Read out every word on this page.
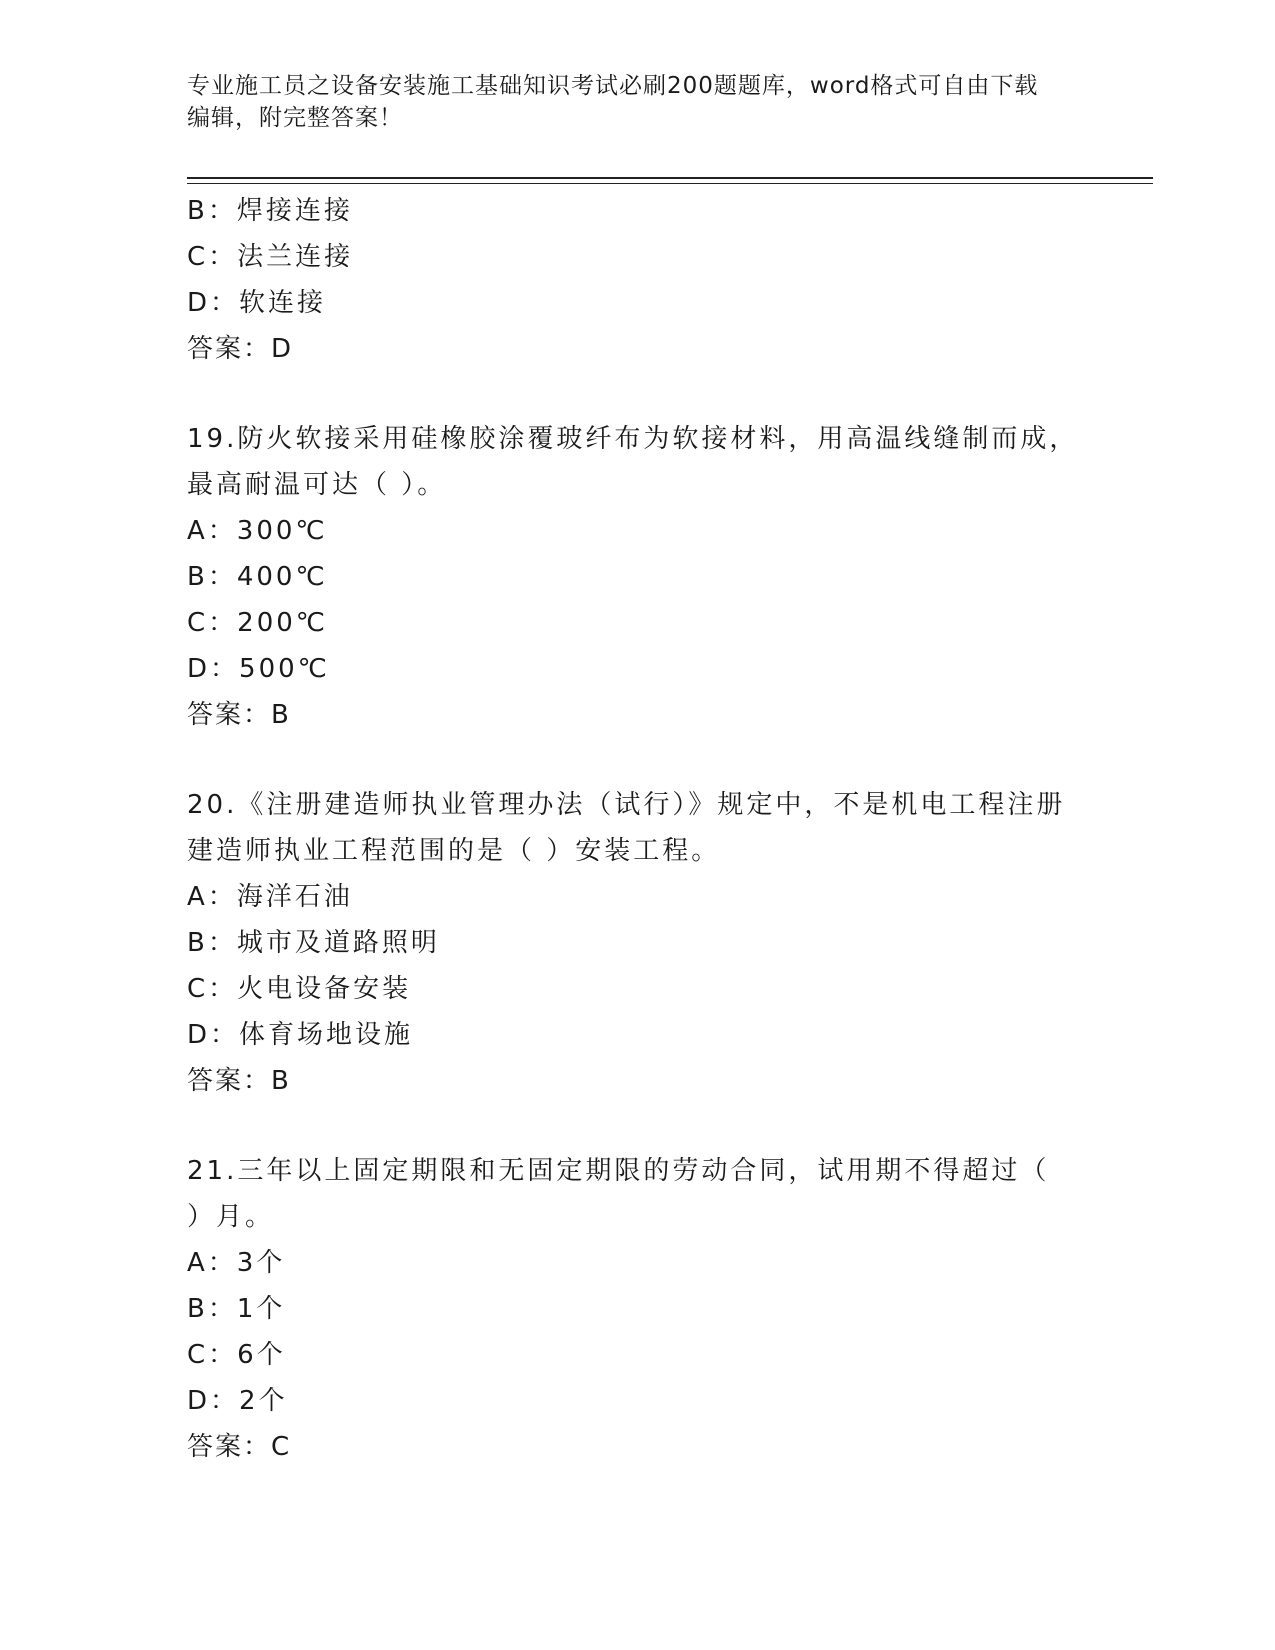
专业施工员之设备安装施工基础知识考试必刷200题题库，word格式可自由下载
编辑，附完整答案！
B：焊接连接
C：法兰连接
D：软连接
答案：D
19.防火软接采用硅橡胶涂覆玻纤布为软接材料，用高温线缝制而成，
最高耐温可达（ ）。
A：300℃
B：400℃
C：200℃
D：500℃
答案：B
20.《注册建造师执业管理办法（试行）》规定中，不是机电工程注册
建造师执业工程范围的是（ ）安装工程。
A：海洋石油
B：城市及道路照明
C：火电设备安装
D：体育场地设施
答案：B
21.三年以上固定期限和无固定期限的劳动合同，试用期不得超过（
）月。
A：3个
B：1个
C：6个
D：2个
答案：C
